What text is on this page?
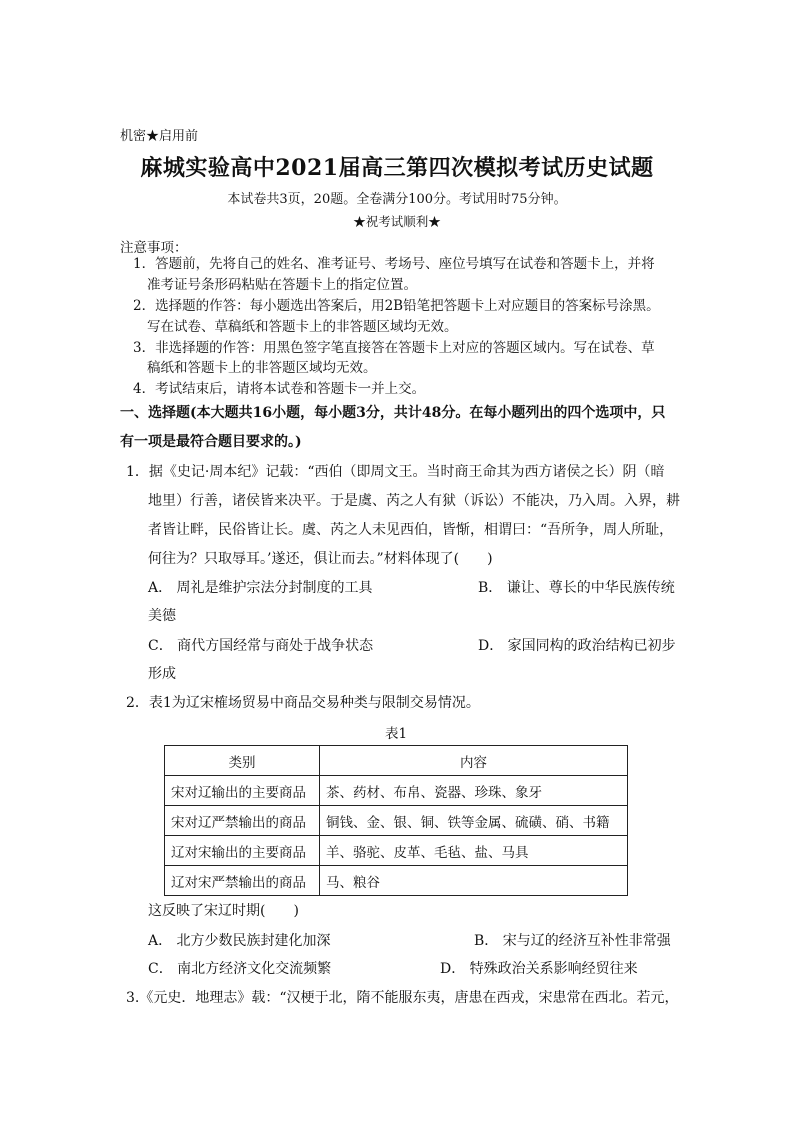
机密★启用前
麻城实验高中2021届高三第四次模拟考试历史试题
本试卷共3页，20题。全卷满分100分。考试用时75分钟。
★祝考试顺利★
注意事项：
1．答题前，先将自己的姓名、准考证号、考场号、座位号填写在试卷和答题卡上，并将
准考证号条形码粘贴在答题卡上的指定位置。
2．选择题的作答：每小题选出答案后，用2B铅笔把答题卡上对应题目的答案标号涂黑。
写在试卷、草稿纸和答题卡上的非答题区域均无效。
3．非选择题的作答：用黑色签字笔直接答在答题卡上对应的答题区域内。写在试卷、草
稿纸和答题卡上的非答题区域均无效。
4．考试结束后，请将本试卷和答题卡一并上交。
一、选择题(本大题共16小题，每小题3分，共计48分。在每小题列出的四个选项中，只
有一项是最符合题目要求的。)
1．据《史记·周本纪》记载：“西伯（即周文王。当时商王命其为西方诸侯之长）阴（暗
地里）行善，诸侯皆来决平。于是虞、芮之人有狱（诉讼）不能决，乃入周。入界，耕
者皆让畔，民俗皆让长。虞、芮之人未见西伯，皆惭，相谓曰：“吾所争，周人所耻，
何往为？只取辱耳。’遂还，俱让而去。”材料体现了(　　)
A． 周礼是维护宗法分封制度的工具	B． 谦让、尊长的中华民族传统
美德
C． 商代方国经常与商处于战争状态	D． 家国同构的政治结构已初步
形成
2．表1为辽宋榷场贸易中商品交易种类与限制交易情况。
表1
类别	内容
宋对辽输出的主要商品	茶、药材、布帛、瓷器、珍珠、象牙
宋对辽严禁输出的商品	铜钱、金、银、铜、铁等金属、硫磺、硝、书籍
辽对宋输出的主要商品	羊、骆驼、皮革、毛毡、盐、马具
辽对宋严禁输出的商品	马、粮谷
这反映了宋辽时期(　　)
A． 北方少数民族封建化加深	B． 宋与辽的经济互补性非常强
C． 南北方经济文化交流频繁	D． 特殊政治关系影响经贸往来
3.《元史．地理志》载：“汉梗于北，隋不能服东夷，唐患在西戎，宋患常在西北。若元，
